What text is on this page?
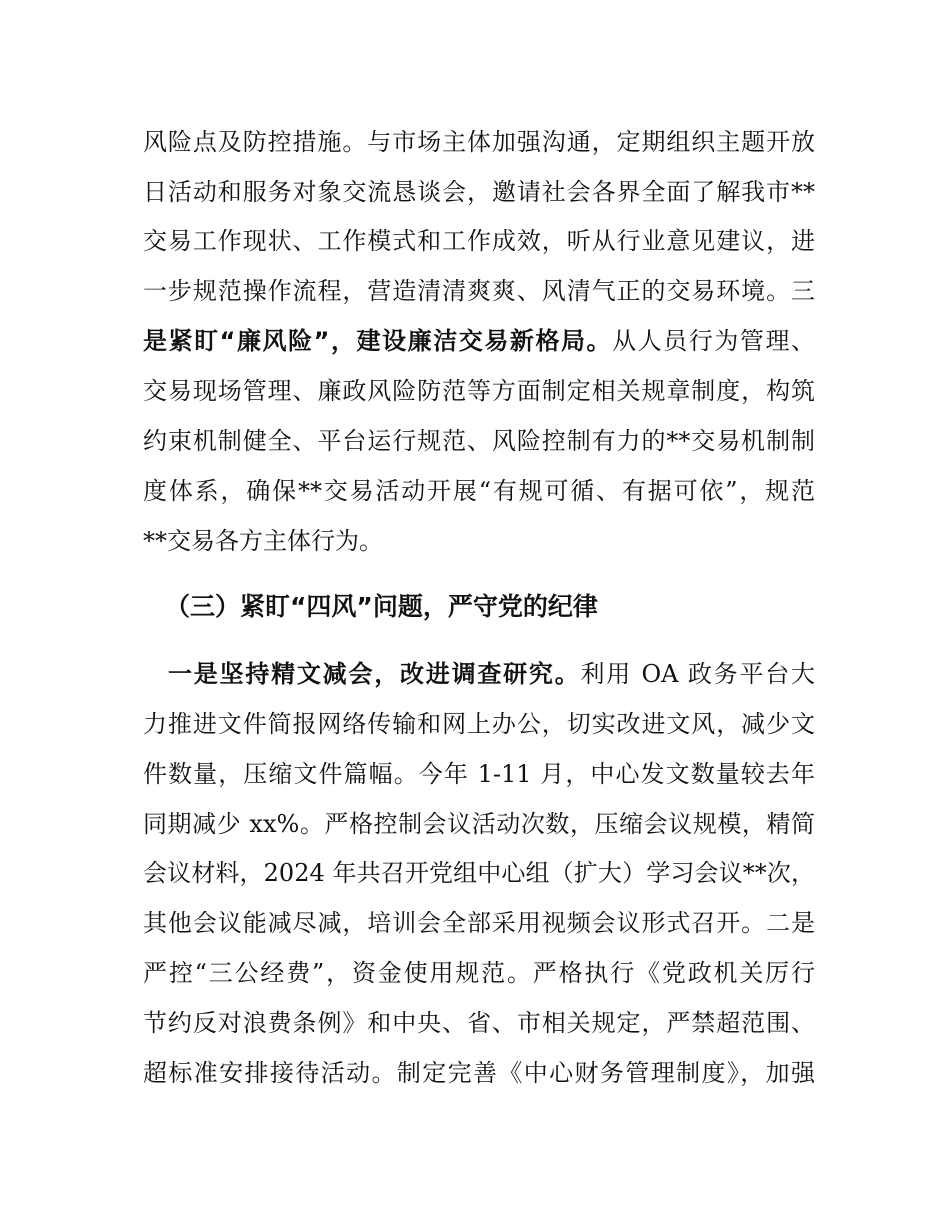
风险点及防控措施。与市场主体加强沟通，定期组织主题开放
日活动和服务对象交流恳谈会，邀请社会各界全面了解我市**
交易工作现状、工作模式和工作成效，听从行业意见建议，进
一步规范操作流程，营造清清爽爽、风清气正的交易环境。三
是紧盯“廉风险”，建设廉洁交易新格局。从人员行为管理、
交易现场管理、廉政风险防范等方面制定相关规章制度，构筑
约束机制健全、平台运行规范、风险控制有力的**交易机制制
度体系，确保**交易活动开展“有规可循、有据可依”，规范
**交易各方主体行为。
（三）紧盯“四风”问题，严守党的纪律
一是坚持精文减会，改进调查研究。利用 OA 政务平台大
力推进文件简报网络传输和网上办公，切实改进文风，减少文
件数量，压缩文件篇幅。今年 1-11 月，中心发文数量较去年
同期减少 xx%。严格控制会议活动次数，压缩会议规模，精简
会议材料，2024 年共召开党组中心组（扩大）学习会议**次，
其他会议能减尽减，培训会全部采用视频会议形式召开。二是
严控“三公经费”，资金使用规范。严格执行《党政机关厉行
节约反对浪费条例》和中央、省、市相关规定，严禁超范围、
超标准安排接待活动。制定完善《中心财务管理制度》，加强
